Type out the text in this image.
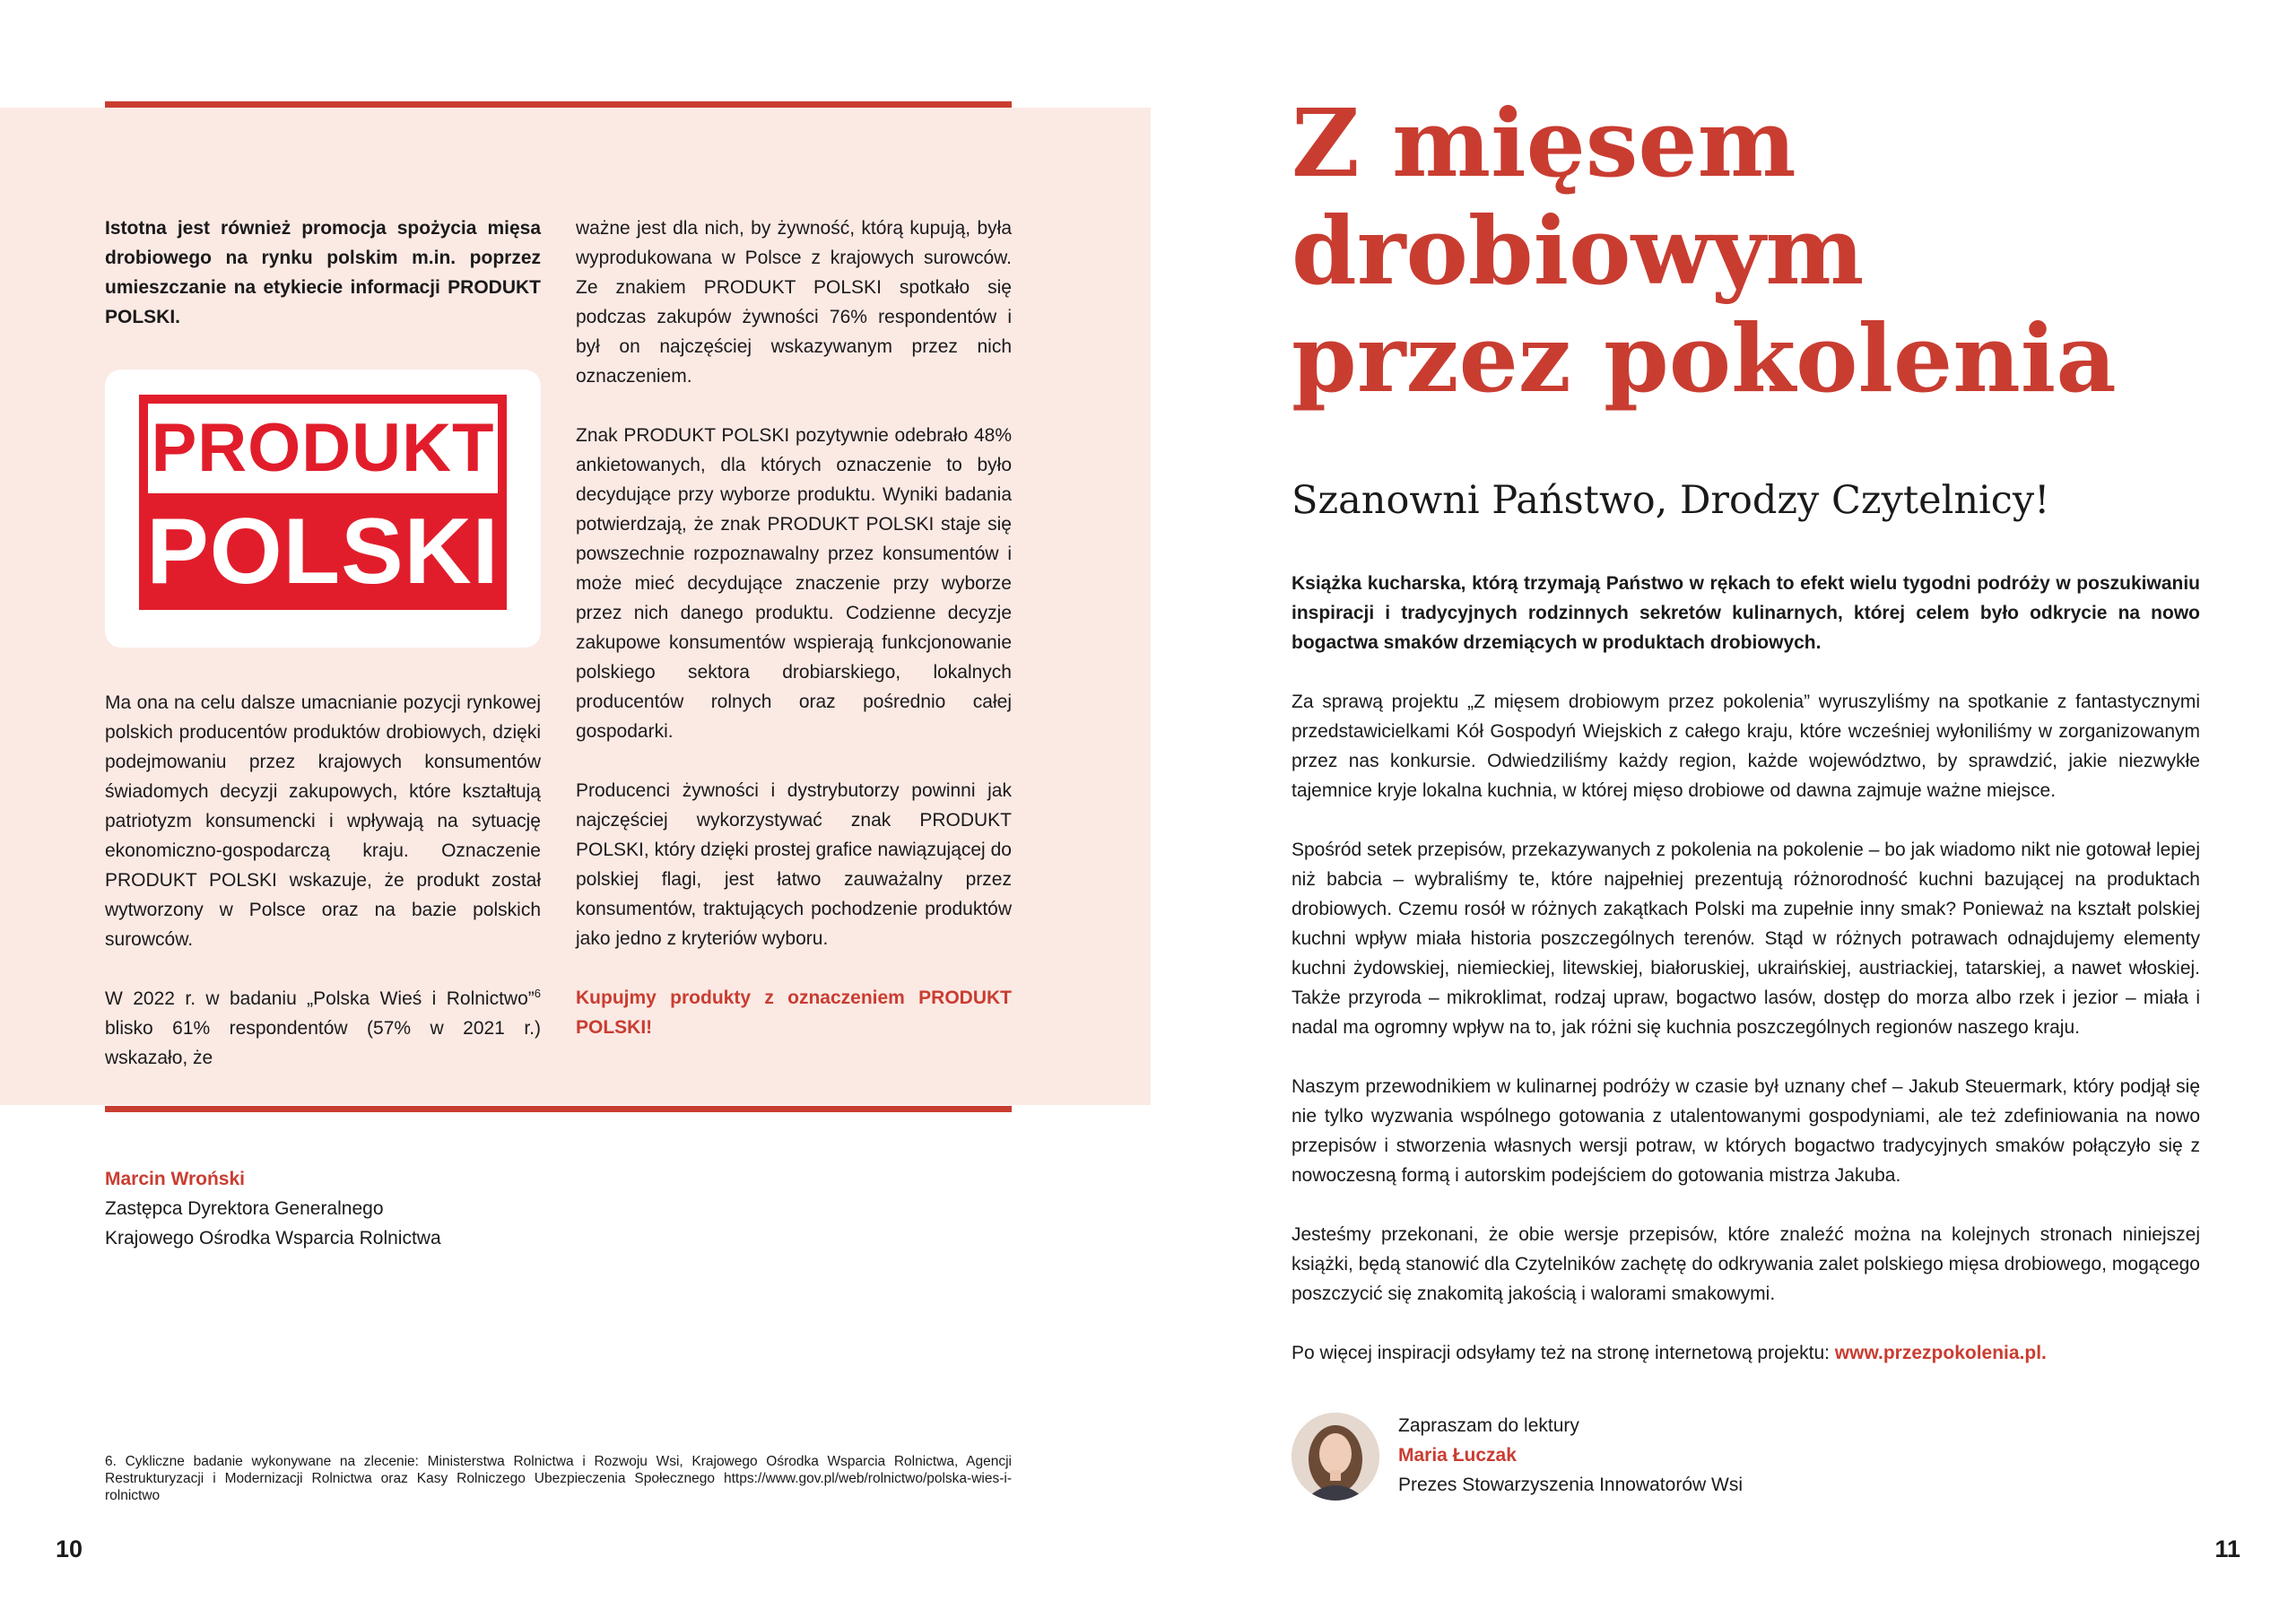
Istotna jest również promocja spożycia mięsa drobiowego na rynku polskim m.in. poprzez umieszczanie na etykiecie informacji PRODUKT POLSKI.

PRODUKT
POLSKI

Ma ona na celu dalsze umacnianie pozycji rynkowej polskich producentów produktów drobiowych, dzięki podejmowaniu przez krajowych konsumentów świadomych decyzji zakupowych, które kształtują patriotyzm konsumencki i wpływają na sytuację ekonomiczno-gospodarczą kraju. Oznaczenie PRODUKT POLSKI wskazuje, że produkt został wytworzony w Polsce oraz na bazie polskich surowców.

W 2022 r. w badaniu „Polska Wieś i Rolnictwo”$^6$ blisko 61% respondentów (57% w 2021 r.) wskazało, że

ważne jest dla nich, by żywność, którą kupują, była wyprodukowana w Polsce z krajowych surowców. Ze znakiem PRODUKT POLSKI spotkało się podczas zakupów żywności 76% respondentów i był on najczęściej wskazywanym przez nich oznaczeniem.

Znak PRODUKT POLSKI pozytywnie odebrało 48% ankietowanych, dla których oznaczenie to było decydujące przy wyborze produktu. Wyniki badania potwierdzają, że znak PRODUKT POLSKI staje się powszechnie rozpoznawalny przez konsumentów i może mieć decydujące znaczenie przy wyborze przez nich danego produktu. Codzienne decyzje zakupowe konsumentów wspierają funkcjonowanie polskiego sektora drobiarskiego, lokalnych producentów rolnych oraz pośrednio całej gospodarki.

Producenci żywności i dystrybutorzy powinni jak najczęściej wykorzystywać znak PRODUKT POLSKI, który dzięki prostej grafice nawiązującej do polskiej flagi, jest łatwo zauważalny przez konsumentów, traktujących pochodzenie produktów jako jedno z kryteriów wyboru.

Kupujmy produkty z oznaczeniem PRODUKT POLSKI!

Marcin Wroński
Zastępca Dyrektora Generalnego
Krajowego Ośrodka Wsparcia Rolnictwa
6. Cykliczne badanie wykonywane na zlecenie: Ministerstwa Rolnictwa i Rozwoju Wsi, Krajowego Ośrodka Wsparcia Rolnictwa, Agencji Restrukturyzacji i Modernizacji Rolnictwa oraz Kasy Rolniczego Ubezpieczenia Społecznego https://www.gov.pl/web/rolnictwo/polska-wies-i-rolnictwo
10
Z mięsem
drobiowym
przez pokolenia
Szanowni Państwo, Drodzy Czytelnicy!

Książka kucharska, którą trzymają Państwo w rękach to efekt wielu tygodni podróży w poszukiwaniu inspiracji i tradycyjnych rodzinnych sekretów kulinarnych, której celem było odkrycie na nowo bogactwa smaków drzemiących w produktach drobiowych.

Za sprawą projektu „Z mięsem drobiowym przez pokolenia” wyruszyliśmy na spotkanie z fantastycznymi przedstawicielkami Kół Gospodyń Wiejskich z całego kraju, które wcześniej wyłoniliśmy w zorganizowanym przez nas konkursie. Odwiedziliśmy każdy region, każde województwo, by sprawdzić, jakie niezwykłe tajemnice kryje lokalna kuchnia, w której mięso drobiowe od dawna zajmuje ważne miejsce.

Spośród setek przepisów, przekazywanych z pokolenia na pokolenie – bo jak wiadomo nikt nie gotował lepiej niż babcia – wybraliśmy te, które najpełniej prezentują różnorodność kuchni bazującej na produktach drobiowych. Czemu rosół w różnych zakątkach Polski ma zupełnie inny smak? Ponieważ na kształt polskiej kuchni wpływ miała historia poszczególnych terenów. Stąd w różnych potrawach odnajdujemy elementy kuchni żydowskiej, niemieckiej, litewskiej, białoruskiej, ukraińskiej, austriackiej, tatarskiej, a nawet włoskiej. Także przyroda – mikroklimat, rodzaj upraw, bogactwo lasów, dostęp do morza albo rzek i jezior – miała i nadal ma ogromny wpływ na to, jak różni się kuchnia poszczególnych regionów naszego kraju.

Naszym przewodnikiem w kulinarnej podróży w czasie był uznany chef – Jakub Steuermark, który podjął się nie tylko wyzwania wspólnego gotowania z utalentowanymi gospodyniami, ale też zdefiniowania na nowo przepisów i stworzenia własnych wersji potraw, w których bogactwo tradycyjnych smaków połączyło się z nowoczesną formą i autorskim podejściem do gotowania mistrza Jakuba.

Jesteśmy przekonani, że obie wersje przepisów, które znaleźć można na kolejnych stronach niniejszej książki, będą stanowić dla Czytelników zachętę do odkrywania zalet polskiego mięsa drobiowego, mogącego poszczycić się znakomitą jakością i walorami smakowymi.

Po więcej inspiracji odsyłamy też na stronę internetową projektu: www.przezpokolenia.pl.

Zapraszam do lektury
Maria Łuczak
Prezes Stowarzyszenia Innowatorów Wsi
11
